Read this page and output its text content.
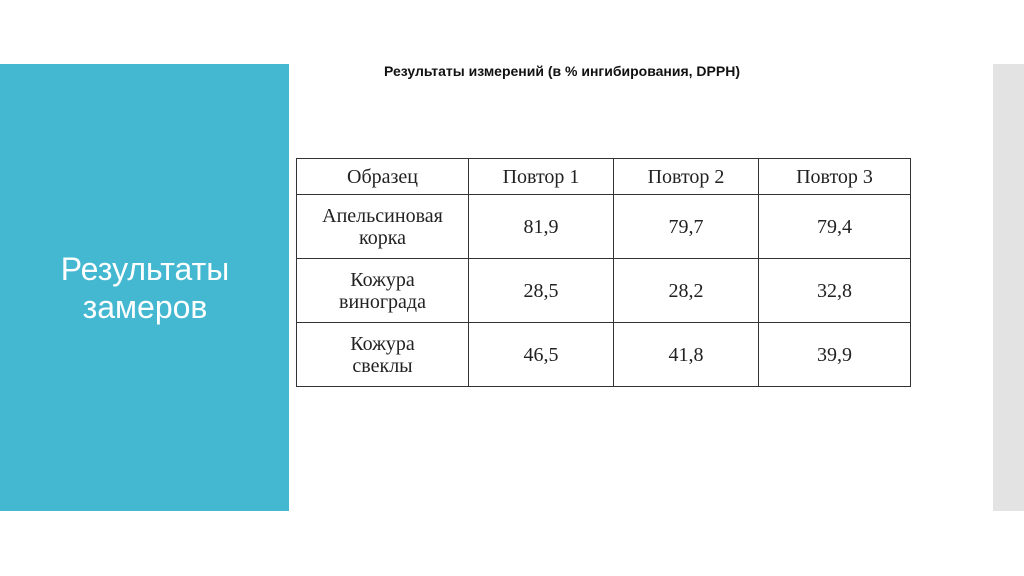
Результаты
замеров
Результаты измерений (в % ингибирования, DPPH)
Образец	Повтор 1	Повтор 2	Повтор 3
Апельсиновая
корка	81,9	79,7	79,4
Кожура
винограда	28,5	28,2	32,8
Кожура
свеклы	46,5	41,8	39,9
